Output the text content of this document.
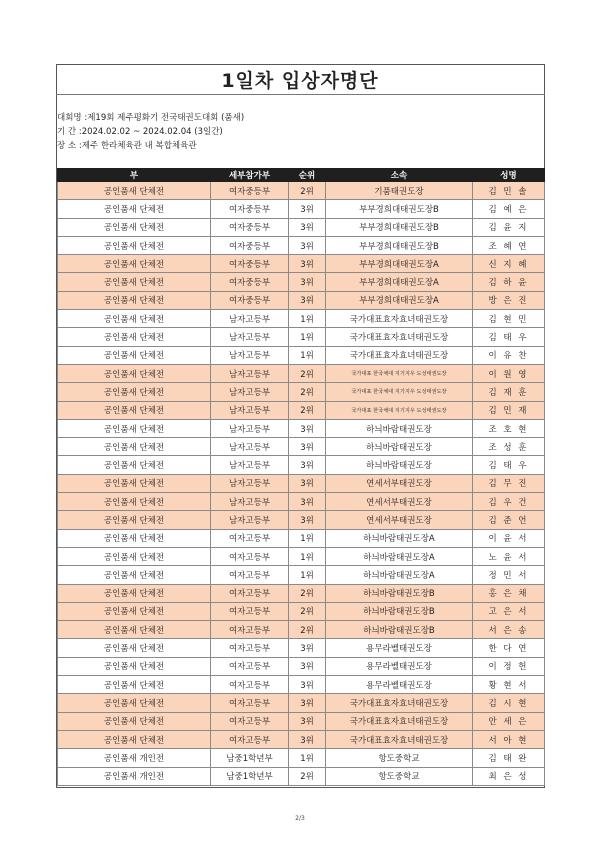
1일차 입상자명단
대회명 :제19회 제주평화기 전국태권도대회 (품새)
기 간 :2024.02.02 ~ 2024.02.04 (3일간)
장 소 :제주 한라체육관 내 복합체육관
부	세부참가부	순위	소속	성명
공인품새 단체전	여자중등부	2위	기품태권도장	김 민 솔
공인품새 단체전	여자중등부	3위	부부경희대태권도장B	김 예 은
공인품새 단체전	여자중등부	3위	부부경희대태권도장B	김 윤 지
공인품새 단체전	여자중등부	3위	부부경희대태권도장B	조 혜 연
공인품새 단체전	여자중등부	3위	부부경희대태권도장A	신 지 혜
공인품새 단체전	여자중등부	3위	부부경희대태권도장A	김 하 윤
공인품새 단체전	여자중등부	3위	부부경희대태권도장A	방 은 진
공인품새 단체전	남자고등부	1위	국가대표효자효녀태권도장	김 현 민
공인품새 단체전	남자고등부	1위	국가대표효자효녀태권도장	김 태 우
공인품새 단체전	남자고등부	1위	국가대표효자효녀태권도장	이 유 찬
공인품새 단체전	남자고등부	2위	국가대표 한국체대 지기지우 도성태권도장	이 원 영
공인품새 단체전	남자고등부	2위	국가대표 한국체대 지기지우 도성태권도장	김 재 훈
공인품새 단체전	남자고등부	2위	국가대표 한국체대 지기지우 도성태권도장	김 민 재
공인품새 단체전	남자고등부	3위	하늬바람태권도장	조 호 현
공인품새 단체전	남자고등부	3위	하늬바람태권도장	조 성 훈
공인품새 단체전	남자고등부	3위	하늬바람태권도장	김 태 우
공인품새 단체전	남자고등부	3위	연세서부태권도장	김 무 진
공인품새 단체전	남자고등부	3위	연세서부태권도장	김 우 건
공인품새 단체전	남자고등부	3위	연세서부태권도장	김 준 언
공인품새 단체전	여자고등부	1위	하늬바람태권도장A	이 윤 서
공인품새 단체전	여자고등부	1위	하늬바람태권도장A	노 윤 서
공인품새 단체전	여자고등부	1위	하늬바람태권도장A	정 민 서
공인품새 단체전	여자고등부	2위	하늬바람태권도장B	홍 은 채
공인품새 단체전	여자고등부	2위	하늬바람태권도장B	고 은 서
공인품새 단체전	여자고등부	2위	하늬바람태권도장B	서 은 송
공인품새 단체전	여자고등부	3위	용무라벨태권도장	한 다 연
공인품새 단체전	여자고등부	3위	용무라벨태권도장	이 정 헌
공인품새 단체전	여자고등부	3위	용무라벨태권도장	황 현 서
공인품새 단체전	여자고등부	3위	국가대표효자효녀태권도장	김 시 현
공인품새 단체전	여자고등부	3위	국가대표효자효녀태권도장	안 세 은
공인품새 단체전	여자고등부	3위	국가대표효자효녀태권도장	서 아 현
공인품새 개인전	남중1학년부	1위	항도중학교	김 태 완
공인품새 개인전	남중1학년부	2위	항도중학교	최 은 성
2/3
